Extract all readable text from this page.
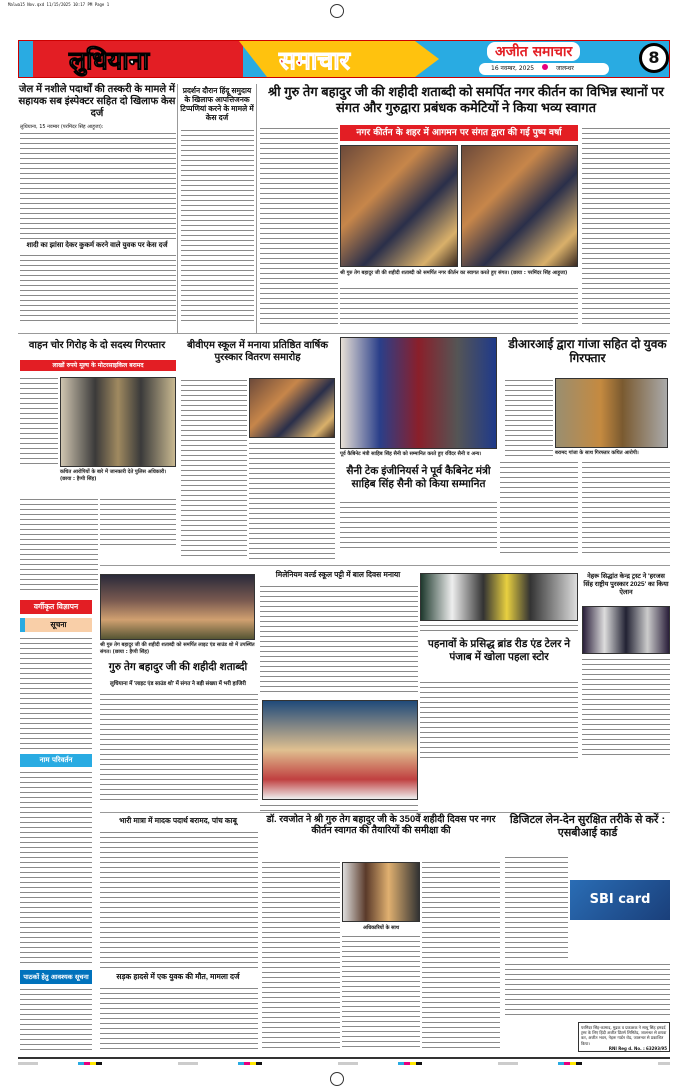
Malwa15 Nov.qxd 11/15/2025 10:17 PM Page 1
लुधियाना	समाचार	अजीत समाचार
16 नवम्बर, 2025	जालन्धर
8
जेल में नशीले पदार्थों की तस्करी के मामले में सहायक सब इंस्पेक्टर सहित दो खिलाफ केस दर्ज
लुधियाना, 15 नवम्बर (परमिंदर सिंह आहूजा):
शादी का झांसा देकर कुकर्म करने वाले युवक पर केस दर्ज
प्रदर्शन दौरान हिंदू समुदाय के खिलाफ आपत्तिजनक टिप्पणियां करने के मामले में केस दर्ज
श्री गुरु तेग बहादुर जी की शहीदी शताब्दी को समर्पित नगर कीर्तन का विभिन्न स्थानों पर संगत और गुरुद्वारा प्रबंधक कमेटियों ने किया भव्य स्वागत
नगर कीर्तन के शहर में आगमन पर संगत द्वारा की गई पुष्प वर्षा
श्री गुरु तेग बहादुर जी की शहीदी शताब्दी को समर्पित नगर कीर्तन का स्वागत करते हुए संगत। (छाया : परमिंदर सिंह आहूजा)
वाहन चोर गिरोह के दो सदस्य गिरफ्तार
लाखों रुपये मूल्य के मोटरसाइकिल बरामद
कथित आरोपियों के बारे में जानकारी देते पुलिस अधिकारी। (छाया : हैप्पी सिंह)
बीवीएम स्कूल में मनाया प्रतिष्ठित वार्षिक पुरस्कार वितरण समारोह
पूर्व कैबिनेट मंत्री साहिब सिंह सैनी को सम्मानित करते हुए रविंदर सैनी व अन्य।
सैनी टेक इंजीनियर्स ने पूर्व कैबिनेट मंत्री साहिब सिंह सैनी को किया सम्मानित
डीआरआई द्वारा गांजा सहित दो युवक गिरफ्तार
बरामद गांजा के साथ गिरफ्तार कथित आरोपी।
वर्गीकृत विज्ञापन
सूचना
नाम परिवर्तन
पाठकों हेतु आवश्यक सूचना
श्री गुरु तेग बहादुर जी की शहीदी शताब्दी को समर्पित लाइट एंड साउंड शो में उपस्थित संगत। (छाया : हैप्पी सिंह)
मिलेनियम वर्ल्ड स्कूल पट्टी में बाल दिवस मनाया
पहनावों के प्रसिद्ध ब्रांड रीड एंड टेलर ने पंजाब में खोला पहला स्टोर
नेहरू सिद्धांत केन्द्र ट्रस्ट ने 'हरजस सिंह राष्ट्रीय पुरस्कार 2025' का किया ऐलान
गुरु तेग बहादुर जी की शहीदी शताब्दी
लुधियाना में 'लाइट एंड साउंड शो' में संगत ने बड़ी संख्या में भरी हाजिरी
भारी मात्रा में मादक पदार्थ बरामद, पांच काबू	डॉ. रवजोत ने श्री गुरु तेग बहादुर जी के 350वें शहीदी दिवस पर नगर कीर्तन स्वागत की तैयारियों की समीक्षा की
अधिकारियों के साथ
डिजिटल लेन-देन सुरक्षित तरीके से करें : एसबीआई कार्ड
SBI card
सड़क हादसे में एक युवक की मौत, मामला दर्ज
परमिंदर सिंह-कामाद, मुद्रक व प्रकाशक ने साधु सिंह हमदर्द ट्रस्ट के लिए हिंदी अजीत प्रिंटर्स लिमिटेड, जालन्धर से छपवा कर, अजीत भवन, नेहरू गार्डन रोड, जालन्धर से प्रकाशित किया।
RNI Reg d. No. : 63293/95
